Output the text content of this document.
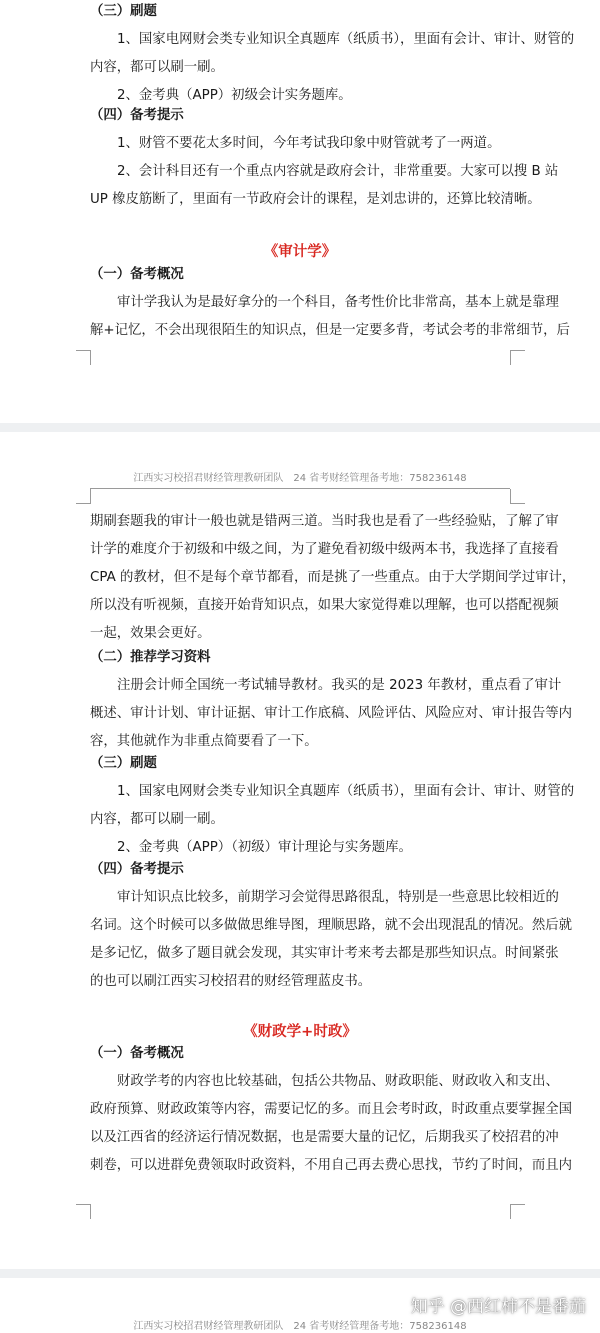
（三）刷题
1、国家电网财会类专业知识全真题库（纸质书），里面有会计、审计、财管的
内容，都可以刷一刷。
2、金考典（APP）初级会计实务题库。
（四）备考提示
1、财管不要花太多时间，今年考试我印象中财管就考了一两道。
2、会计科目还有一个重点内容就是政府会计，非常重要。大家可以搜 B 站
UP 橡皮筋断了，里面有一节政府会计的课程，是刘忠讲的，还算比较清晰。
《审计学》
（一）备考概况
审计学我认为是最好拿分的一个科目，备考性价比非常高，基本上就是靠理
解+记忆，不会出现很陌生的知识点，但是一定要多背，考试会考的非常细节，后
江西实习校招君财经管理教研团队　24 省考财经管理备考地：758236148
期刷套题我的审计一般也就是错两三道。当时我也是看了一些经验贴，了解了审
计学的难度介于初级和中级之间，为了避免看初级中级两本书，我选择了直接看
CPA 的教材，但不是每个章节都看，而是挑了一些重点。由于大学期间学过审计，
所以没有听视频，直接开始背知识点，如果大家觉得难以理解，也可以搭配视频
一起，效果会更好。
（二）推荐学习资料
注册会计师全国统一考试辅导教材。我买的是 2023 年教材，重点看了审计
概述、审计计划、审计证据、审计工作底稿、风险评估、风险应对、审计报告等内
容，其他就作为非重点简要看了一下。
（三）刷题
1、国家电网财会类专业知识全真题库（纸质书），里面有会计、审计、财管的
内容，都可以刷一刷。
2、金考典（APP）（初级）审计理论与实务题库。
（四）备考提示
审计知识点比较多，前期学习会觉得思路很乱，特别是一些意思比较相近的
名词。这个时候可以多做做思维导图，理顺思路，就不会出现混乱的情况。然后就
是多记忆，做多了题目就会发现，其实审计考来考去都是那些知识点。时间紧张
的也可以刷江西实习校招君的财经管理蓝皮书。
《财政学+时政》
（一）备考概况
财政学考的内容也比较基础，包括公共物品、财政职能、财政收入和支出、
政府预算、财政政策等内容，需要记忆的多。而且会考时政，时政重点要掌握全国
以及江西省的经济运行情况数据，也是需要大量的记忆，后期我买了校招君的冲
刺卷，可以进群免费领取时政资料，不用自己再去费心思找，节约了时间，而且内
江西实习校招君财经管理教研团队　24 省考财经管理备考地：758236148
知乎 @西红柿不是番茄
